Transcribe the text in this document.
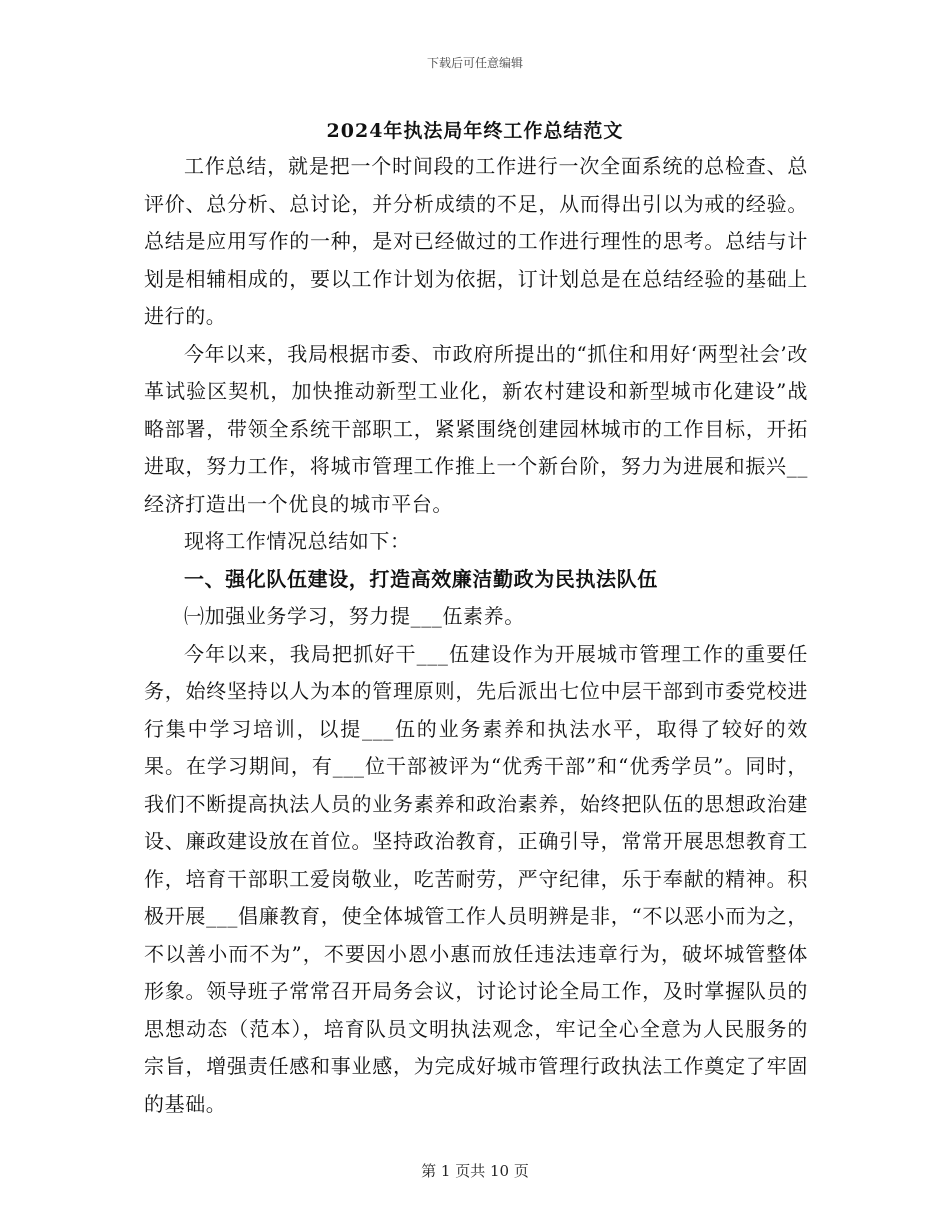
下载后可任意编辑
2024年执法局年终工作总结范文

工作总结，就是把一个时间段的工作进行一次全面系统的总检查、总评价、总分析、总讨论，并分析成绩的不足，从而得出引以为戒的经验。总结是应用写作的一种，是对已经做过的工作进行理性的思考。总结与计划是相辅相成的，要以工作计划为依据，订计划总是在总结经验的基础上进行的。

今年以来，我局根据市委、市政府所提出的“抓住和用好‘两型社会’改革试验区契机，加快推动新型工业化，新农村建设和新型城市化建设”战略部署，带领全系统干部职工，紧紧围绕创建园林城市的工作目标，开拓进取，努力工作，将城市管理工作推上一个新台阶，努力为进展和振兴__经济打造出一个优良的城市平台。

现将工作情况总结如下：

一、强化队伍建设，打造高效廉洁勤政为民执法队伍

㈠加强业务学习，努力提___伍素养。

今年以来，我局把抓好干___伍建设作为开展城市管理工作的重要任务，始终坚持以人为本的管理原则，先后派出七位中层干部到市委党校进行集中学习培训，以提___伍的业务素养和执法水平，取得了较好的效果。在学习期间，有___位干部被评为“优秀干部”和“优秀学员”。同时，我们不断提高执法人员的业务素养和政治素养，始终把队伍的思想政治建设、廉政建设放在首位。坚持政治教育，正确引导，常常开展思想教育工作，培育干部职工爱岗敬业，吃苦耐劳，严守纪律，乐于奉献的精神。积极开展___倡廉教育，使全体城管工作人员明辨是非，“不以恶小而为之，不以善小而不为”，不要因小恩小惠而放任违法违章行为，破坏城管整体形象。领导班子常常召开局务会议，讨论讨论全局工作，及时掌握队员的思想动态（范本），培育队员文明执法观念，牢记全心全意为人民服务的宗旨，增强责任感和事业感，为完成好城市管理行政执法工作奠定了牢固的基础。

第 1 页共 10 页
